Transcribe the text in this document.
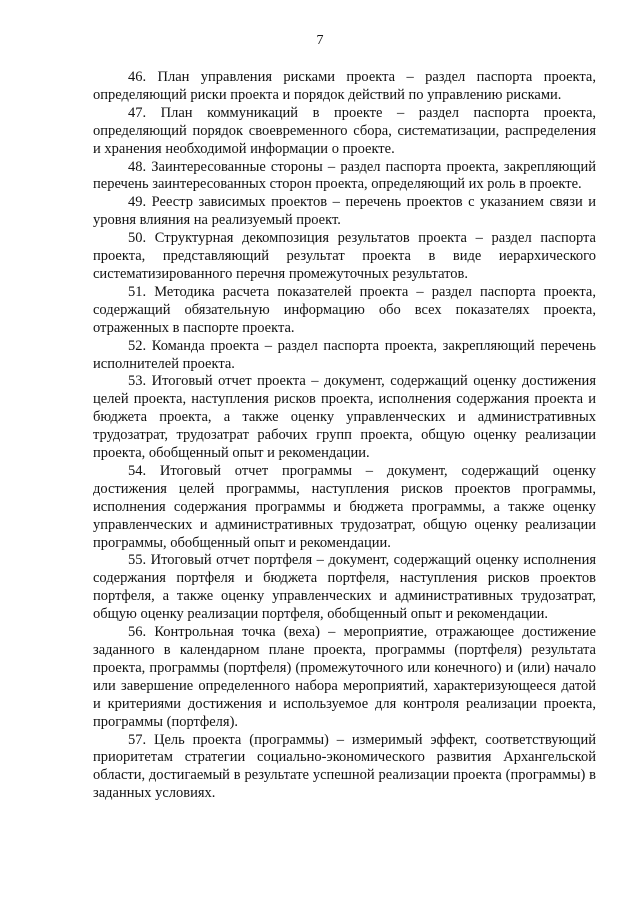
7

46. План управления рисками проекта – раздел паспорта проекта, определяющий риски проекта и порядок действий по управлению рисками.

47. План коммуникаций в проекте – раздел паспорта проекта, определяющий порядок своевременного сбора, систематизации, распределения и хранения необходимой информации о проекте.

48. Заинтересованные стороны – раздел паспорта проекта, закрепляющий перечень заинтересованных сторон проекта, определяющий их роль в проекте.

49. Реестр зависимых проектов – перечень проектов с указанием связи и уровня влияния на реализуемый проект.

50. Структурная декомпозиция результатов проекта – раздел паспорта проекта, представляющий результат проекта в виде иерархического систематизированного перечня промежуточных результатов.

51. Методика расчета показателей проекта – раздел паспорта проекта, содержащий обязательную информацию обо всех показателях проекта, отраженных в паспорте проекта.

52. Команда проекта – раздел паспорта проекта, закрепляющий перечень исполнителей проекта.

53. Итоговый отчет проекта – документ, содержащий оценку достижения целей проекта, наступления рисков проекта, исполнения содержания проекта и бюджета проекта, а также оценку управленческих и административных трудозатрат, трудозатрат рабочих групп проекта, общую оценку реализации проекта, обобщенный опыт и рекомендации.

54. Итоговый отчет программы – документ, содержащий оценку достижения целей программы, наступления рисков проектов программы, исполнения содержания программы и бюджета программы, а также оценку управленческих и административных трудозатрат, общую оценку реализации программы, обобщенный опыт и рекомендации.

55. Итоговый отчет портфеля – документ, содержащий оценку исполнения содержания портфеля и бюджета портфеля, наступления рисков проектов портфеля, а также оценку управленческих и административных трудозатрат, общую оценку реализации портфеля, обобщенный опыт и рекомендации.

56. Контрольная точка (веха) – мероприятие, отражающее достижение заданного в календарном плане проекта, программы (портфеля) результата проекта, программы (портфеля) (промежуточного или конечного) и (или) начало или завершение определенного набора мероприятий, характеризующееся датой и критериями достижения и используемое для контроля реализации проекта, программы (портфеля).

57. Цель проекта (программы) – измеримый эффект, соответствующий приоритетам стратегии социально-экономического развития Архангельской области, достигаемый в результате успешной реализации проекта (программы) в заданных условиях.
